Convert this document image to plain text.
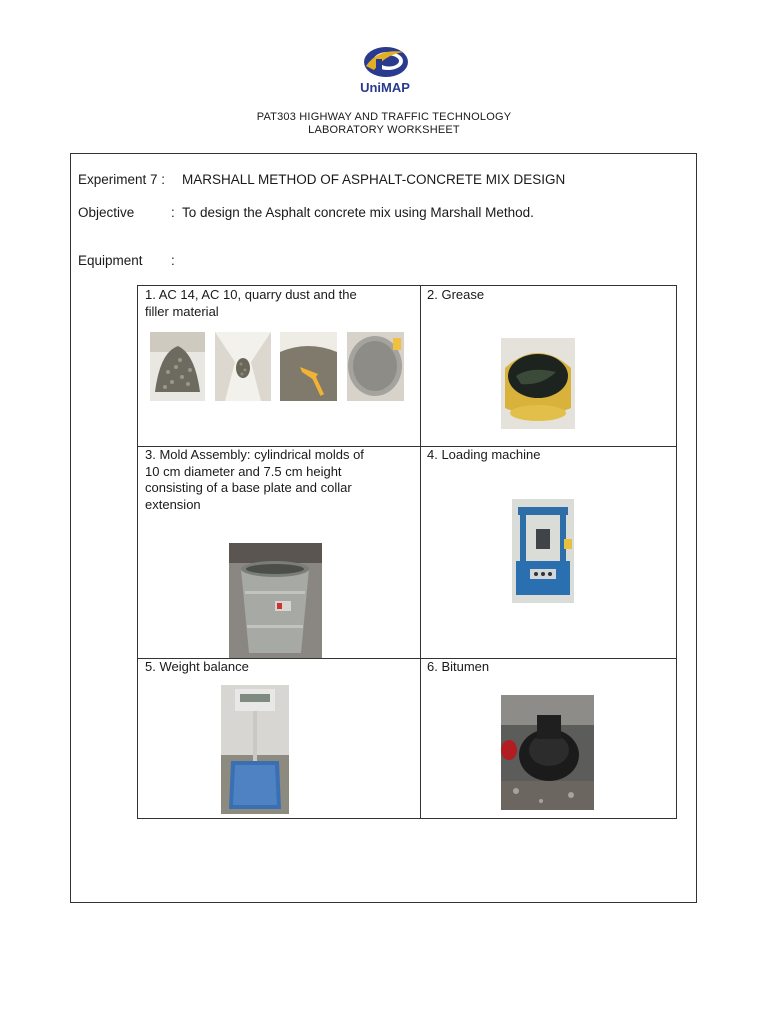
UniMAP
PAT303 HIGHWAY AND TRAFFIC TECHNOLOGY
LABORATORY WORKSHEET
Experiment 7 : MARSHALL METHOD OF ASPHALT-CONCRETE MIX DESIGN
Objective	: To design the Asphalt concrete mix using Marshall Method.
Equipment :
1. AC 14, AC 10, quarry dust and the
filler material
2. Grease
3. Mold Assembly: cylindrical molds of
10 cm diameter and 7.5 cm height
consisting of a base plate and collar
extension
4. Loading machine
5. Weight balance	6. Bitumen
